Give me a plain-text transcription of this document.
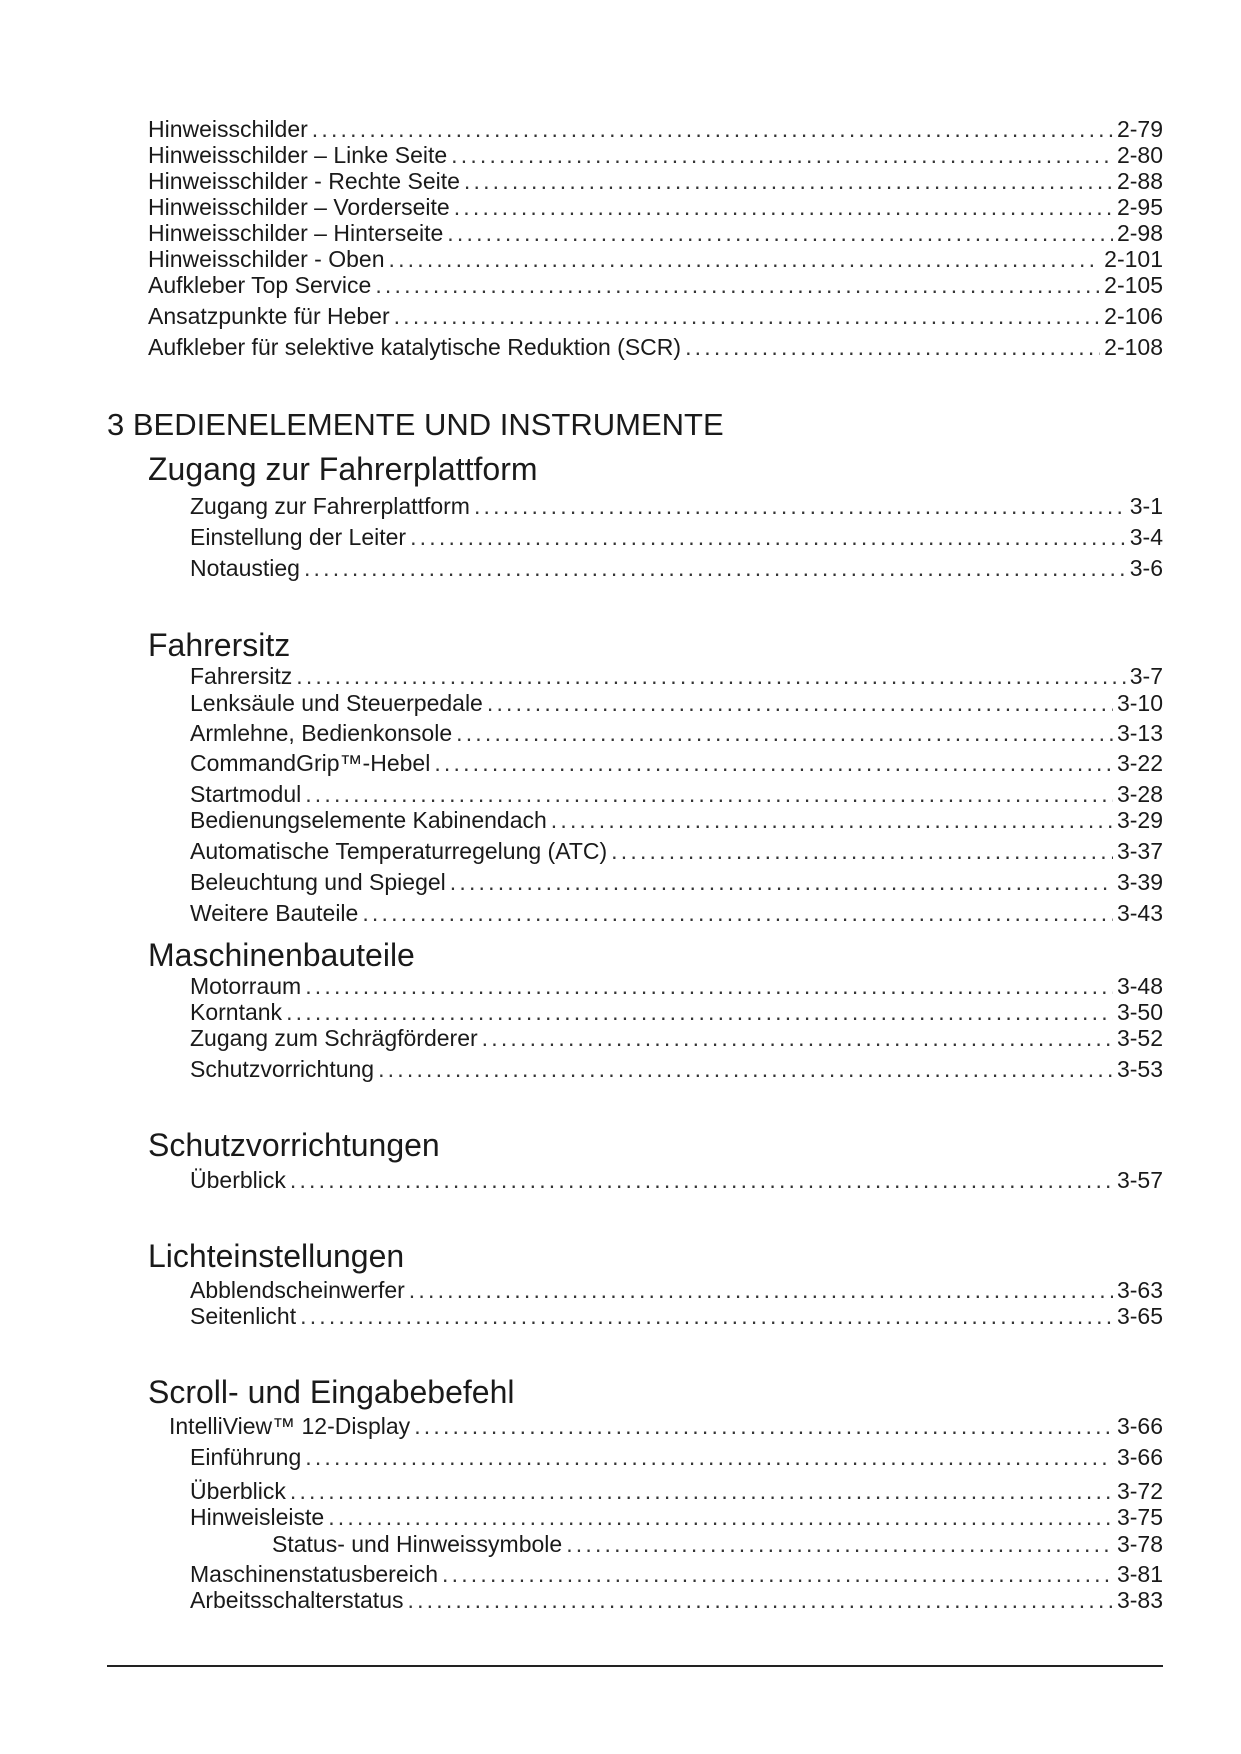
Hinweisschilder .....	2-79
Hinweisschilder – Linke Seite .....	2-80
Hinweisschilder - Rechte Seite .....	2-88
Hinweisschilder – Vorderseite .....	2-95
Hinweisschilder – Hinterseite .....	2-98
Hinweisschilder - Oben .....	2-101
Aufkleber Top Service .....	2-105
Ansatzpunkte für Heber .....	2-106
Aufkleber für selektive katalytische Reduktion (SCR) .....	2-108
3 BEDIENELEMENTE UND INSTRUMENTE
Zugang zur Fahrerplattform
Zugang zur Fahrerplattform .....	3-1
Einstellung der Leiter .....	3-4
Notaustieg .....	3-6
Fahrersitz
Fahrersitz .....	3-7
Lenksäule und Steuerpedale .....	3-10
Armlehne, Bedienkonsole .....	3-13
CommandGrip™-Hebel .....	3-22
Startmodul .....	3-28
Bedienungselemente Kabinendach .....	3-29
Automatische Temperaturregelung (ATC) .....	3-37
Beleuchtung und Spiegel .....	3-39
Weitere Bauteile .....	3-43
Maschinenbauteile
Motorraum .....	3-48
Korntank .....	3-50
Zugang zum Schrägförderer .....	3-52
Schutzvorrichtung .....	3-53
Schutzvorrichtungen
Überblick .....	3-57
Lichteinstellungen
Abblendscheinwerfer .....	3-63
Seitenlicht .....	3-65
Scroll- und Eingabebefehl
IntelliView™ 12-Display .....	3-66
Einführung .....	3-66
Überblick .....	3-72
Hinweisleiste .....	3-75
Status- und Hinweissymbole .....	3-78
Maschinenstatusbereich .....	3-81
Arbeitsschalterstatus .....	3-83
